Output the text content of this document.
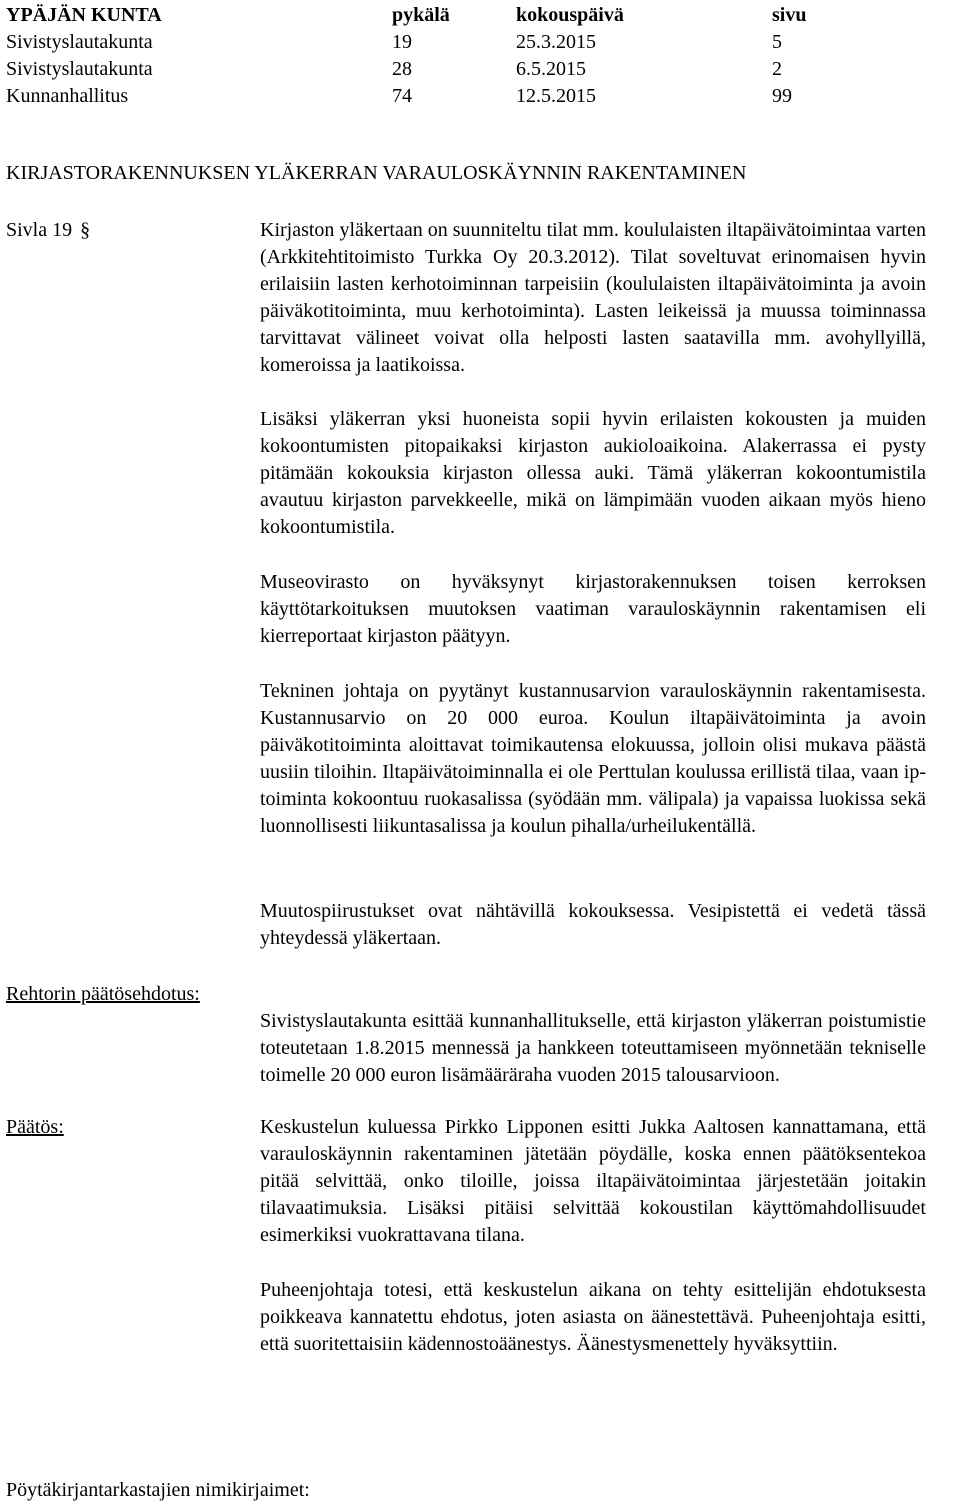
YPÄJÄN KUNTA	pykälä	kokouspäivä	sivu
Sivistyslautakunta	19	25.3.2015	5
Sivistyslautakunta	28	6.5.2015	2
Kunnanhallitus	74	12.5.2015	99
KIRJASTORAKENNUKSEN YLÄKERRAN VARAULOSKÄYNNIN RAKENTAMINEN
Sivla 19 §	Kirjaston yläkertaan on suunniteltu tilat mm. koululaisten iltapäivätoimintaa varten (Arkkitehtitoimisto Turkka Oy 20.3.2012). Tilat soveltuvat erinomaisen hyvin erilaisiin lasten kerhotoiminnan tarpeisiin (koululaisten iltapäivätoiminta ja avoin päiväkotitoiminta, muu kerhotoiminta). Lasten leikeissä ja muussa toiminnassa tarvittavat välineet voivat olla helposti lasten saatavilla mm. avohyllyillä, komeroissa ja laatikoissa.

Lisäksi yläkerran yksi huoneista sopii hyvin erilaisten kokousten ja muiden kokoontumisten pitopaikaksi kirjaston aukioloaikoina. Alakerrassa ei pysty pitämään kokouksia kirjaston ollessa auki. Tämä yläkerran kokoontumistila avautuu kirjaston parvekkeelle, mikä on lämpimään vuoden aikaan myös hieno kokoontumistila.

Museovirasto on hyväksynyt kirjastorakennuksen toisen kerroksen käyttötarkoituksen muutoksen vaatiman varauloskäynnin rakentamisen eli kierreportaat kirjaston päätyyn.

Tekninen johtaja on pyytänyt kustannusarvion varauloskäynnin rakentamisesta. Kustannusarvio on 20 000 euroa. Koulun iltapäivätoiminta ja avoin päiväkotitoiminta aloittavat toimikautensa elokuussa, jolloin olisi mukava päästä uusiin tiloihin. Iltapäivätoiminnalla ei ole Perttulan koulussa erillistä tilaa, vaan ip-toiminta kokoontuu ruokasalissa (syödään mm. välipala) ja vapaissa luokissa sekä luonnollisesti liikuntasalissa ja koulun pihalla/urheilukentällä.

Muutospiirustukset ovat nähtävillä kokouksessa. Vesipistettä ei vedetä tässä yhteydessä yläkertaan.

Rehtorin päätösehdotus:

Sivistyslautakunta esittää kunnanhallitukselle, että kirjaston yläkerran poistumistie toteutetaan 1.8.2015 mennessä ja hankkeen toteuttamiseen myönnetään tekniselle toimelle 20 000 euron lisämääräraha vuoden 2015 talousarvioon.

Päätös:	Keskustelun kuluessa Pirkko Lipponen esitti Jukka Aaltosen kannattamana, että varauloskäynnin rakentaminen jätetään pöydälle, koska ennen päätöksentekoa pitää selvittää, onko tiloille, joissa iltapäivätoimintaa järjestetään joitakin tilavaatimuksia. Lisäksi pitäisi selvittää kokoustilan käyttömahdollisuudet esimerkiksi vuokrattavana tilana.

Puheenjohtaja totesi, että keskustelun aikana on tehty esittelijän ehdotuksesta poikkeava kannatettu ehdotus, joten asiasta on äänestettävä. Puheenjohtaja esitti, että suoritettaisiin kädennostoäänestys. Äänestysmenettely hyväksyttiin.

Pöytäkirjantarkastajien nimikirjaimet:
